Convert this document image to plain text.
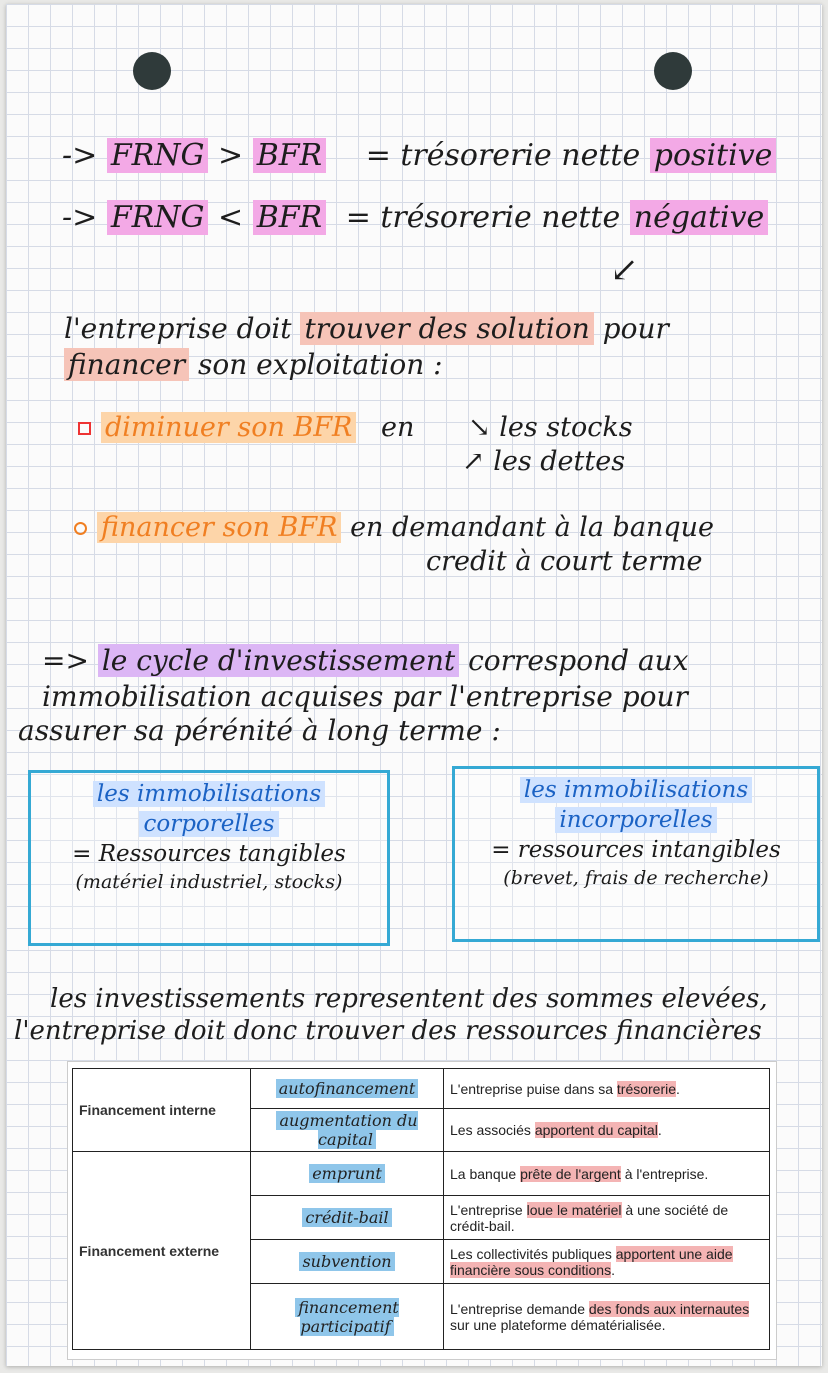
-> FRNG > BFR = trésorerie nette positive
-> FRNG < BFR = trésorerie nette négative
↙
l'entreprise doit trouver des solution pour
financer son exploitation :
diminuer son BFR en ↘ les stocks
↗ les dettes
financer son BFR en demandant à la banque
credit à court terme
=> le cycle d'investissement correspond aux
immobilisation acquises par l'entreprise pour
assurer sa pérénité à long terme :
les immobilisations
corporelles
= Ressources tangibles
(matériel industriel, stocks)
les immobilisations
incorporelles
= ressources intangibles
(brevet, frais de recherche)
les investissements representent des sommes elevées,
l'entreprise doit donc trouver des ressources financières
Financement interne	autofinancement	L'entreprise puise dans sa trésorerie.
	augmentation du capital	Les associés apportent du capital.
Financement externe	emprunt	La banque prête de l'argent à l'entreprise.
	crédit-bail	L'entreprise loue le matériel à une société de crédit-bail.
	subvention	Les collectivités publiques apportent une aide financière sous conditions.
	financement participatif	L'entreprise demande des fonds aux internautes sur une plateforme dématérialisée.
